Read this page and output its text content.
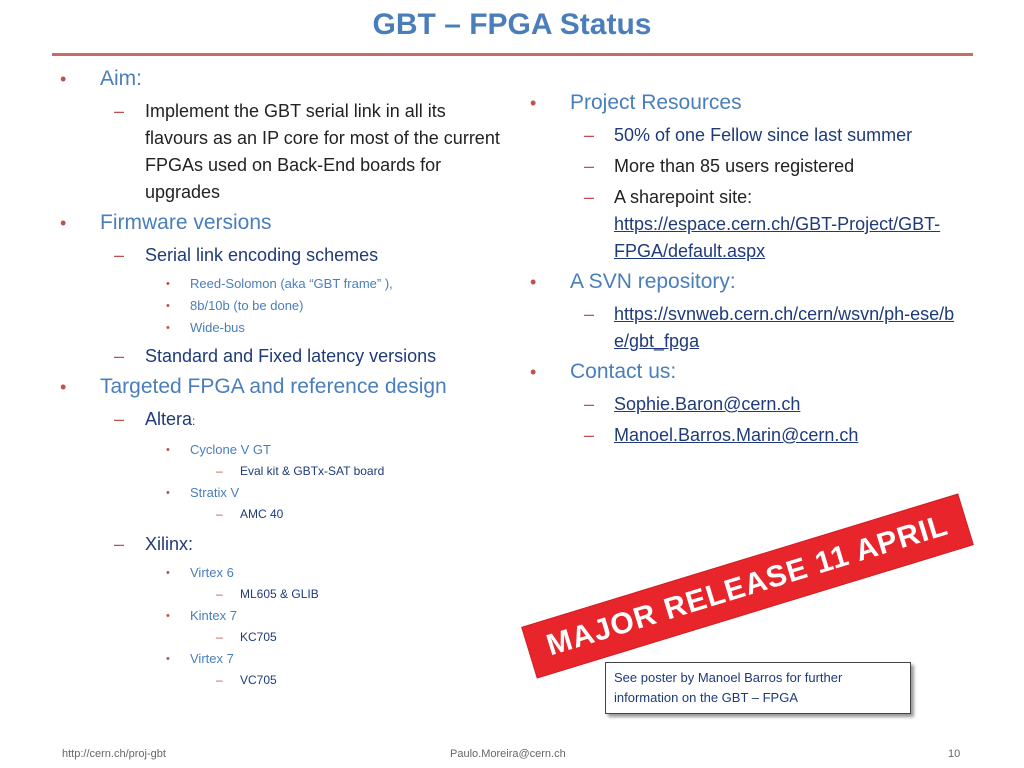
GBT – FPGA Status
• Aim:
– Implement the GBT serial link in all its flavours as an IP core for most of the current FPGAs used on Back-End boards for upgrades
• Firmware versions
– Serial link encoding schemes
• Reed-Solomon (aka “GBT frame” ),
• 8b/10b (to be done)
• Wide-bus
– Standard and Fixed latency versions
• Targeted FPGA and reference design
– Altera:
• Cyclone V GT
– Eval kit & GBTx-SAT board
• Stratix V
– AMC 40
– Xilinx:
• Virtex 6
– ML605 & GLIB
• Kintex 7
– KC705
• Virtex 7
– VC705
• Project Resources
– 50% of one Fellow since last summer
– More than 85 users registered
– A sharepoint site:
https://espace.cern.ch/GBT-Project/GBT-FPGA/default.aspx
• A SVN repository:
– https://svnweb.cern.ch/cern/wsvn/ph-ese/be/gbt_fpga
• Contact us:
– Sophie.Baron@cern.ch
– Manoel.Barros.Marin@cern.ch
MAJOR RELEASE 11 APRIL 2014
See poster by Manoel Barros for further information on the GBT – FPGA
http://cern.ch/proj-gbt	Paulo.Moreira@cern.ch	10
